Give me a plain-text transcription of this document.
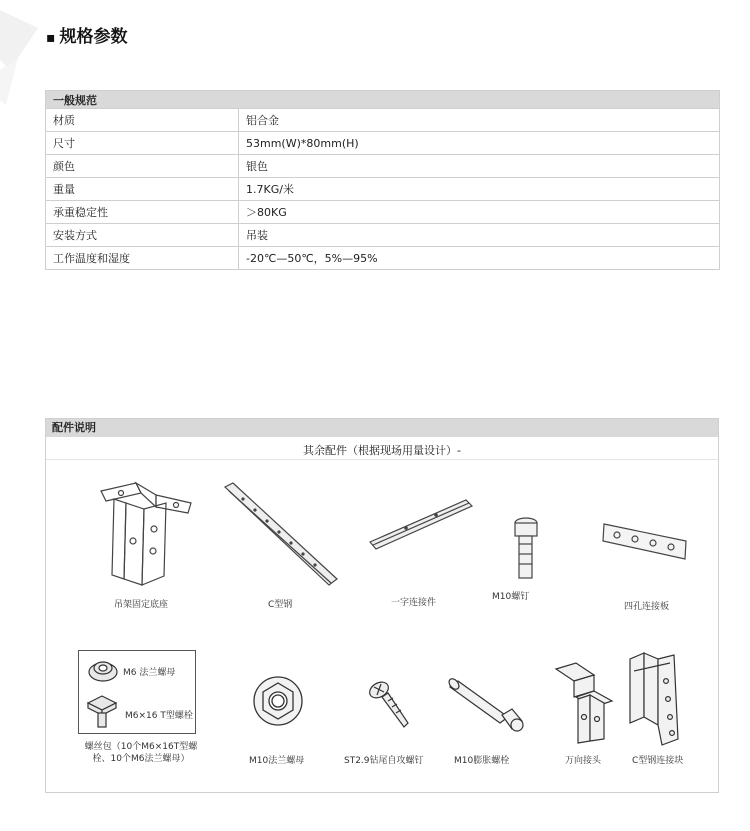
▪ 规格参数
一般规范	
材质	铝合金
尺寸	53mm(W)*80mm(H)
颜色	银色
重量	1.7KG/米
承重稳定性	＞80KG
安装方式	吊装
工作温度和湿度	-20℃—50℃，5%—95%
配件说明
其余配件（根据现场用量设计）-
吊架固定底座	C型钢	一字连接件
M10螺钉
四孔连接板
M6 法兰螺母
M6×16 T型螺栓
螺丝包（10个M6×16T型螺栓、10个M6法兰螺母）	M10法兰螺母	ST2.9钻尾自攻螺钉	M10膨胀螺栓	万向接头	C型钢连接块
